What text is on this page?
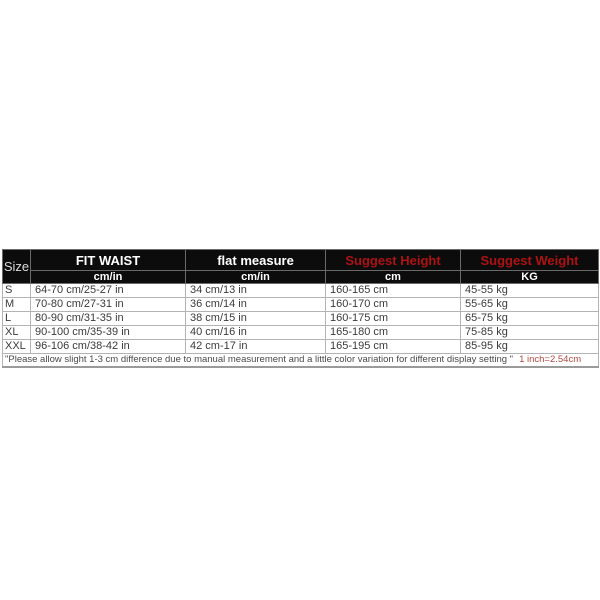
Size	FIT WAIST	flat measure	Suggest Height	Suggest Weight
	cm/in	cm/in	cm	KG
S	64-70 cm/25-27 in	34 cm/13 in	160-165 cm	45-55 kg
M	70-80 cm/27-31 in	36 cm/14 in	160-170 cm	55-65 kg
L	80-90 cm/31-35 in	38 cm/15 in	160-175 cm	65-75 kg
XL	90-100 cm/35-39 in	40 cm/16 in	165-180 cm	75-85 kg
XXL	96-106 cm/38-42 in	42 cm-17 in	165-195 cm	85-95 kg
"Please allow slight 1-3 cm difference due to manual measurement and a little color variation for different display setting " 1 inch=2.54cm				
